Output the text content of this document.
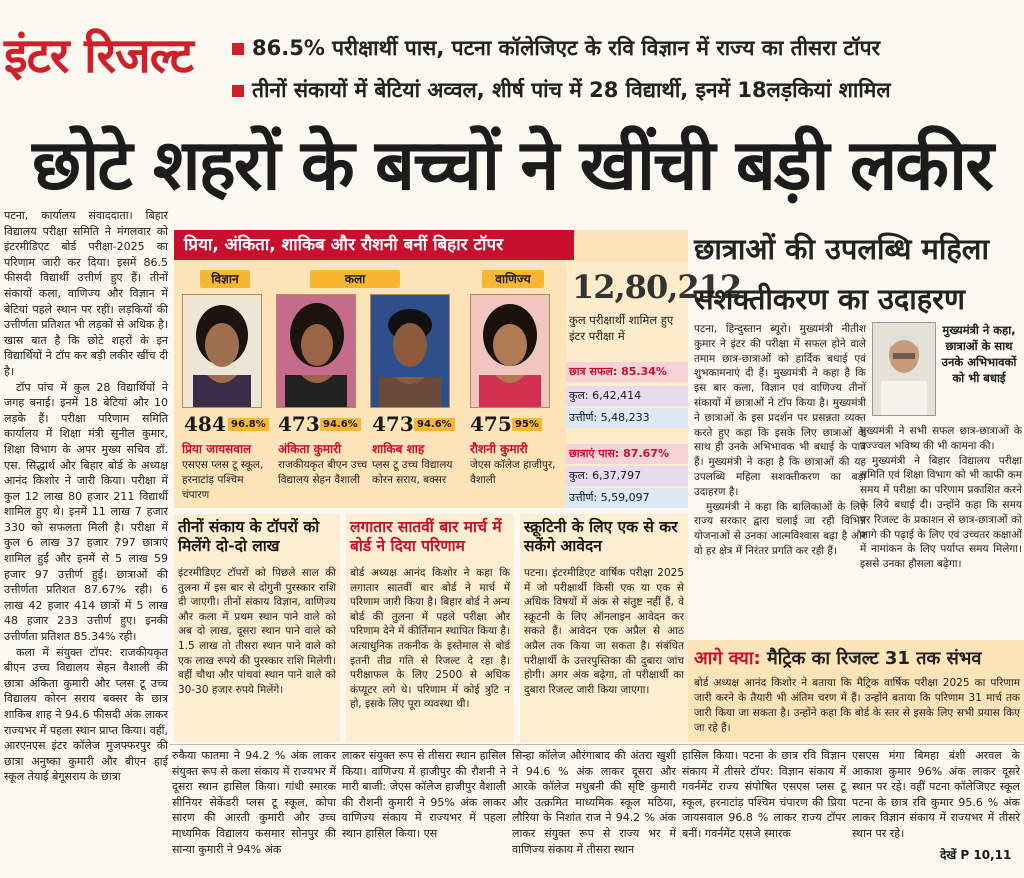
इंटर रिजल्ट	86.5% परीक्षार्थी पास, पटना कॉलेजिएट के रवि विज्ञान में राज्य का तीसरा टॉपर
तीनों संकायों में बेटियां अव्वल, शीर्ष पांच में 28 विद्यार्थी, इनमें 18लड़कियां शामिल
छोटे शहरों के बच्चों ने खींची बड़ी लकीर

पटना, कार्यालय संवाददाता। बिहार विद्यालय परीक्षा समिति ने मंगलवार को इंटरमीडिएट बोर्ड परीक्षा-2025 का परिणाम जारी कर दिया। इसमें 86.5 फीसदी विद्यार्थी उत्तीर्ण हुए हैं। तीनों संकायों कला, वाणिज्य और विज्ञान में बेटियां पहले स्थान पर रहीं। लड़कियों की उत्तीर्णता प्रतिशत भी लड़कों से अधिक है। खास बात है कि छोटे शहरों के इन विद्यार्थियों ने टॉप कर बड़ी लकीर खींच दी है।

टॉप पांच में कुल 28 विद्यार्थियों ने जगह बनाई। इनमें 18 बेटियां और 10 लड़के हैं। परीक्षा परिणाम समिति कार्यालय में शिक्षा मंत्री सुनील कुमार, शिक्षा विभाग के अपर मुख्य सचिव डॉ. एस. सिद्धार्थ और बिहार बोर्ड के अध्यक्ष आनंद किशोर ने जारी किया। परीक्षा में कुल 12 लाख 80 हजार 211 विद्यार्थी शामिल हुए थे। इनमें 11 लाख 7 हजार 330 को सफलता मिली है। परीक्षा में कुल 6 लाख 37 हजार 797 छात्राएं शामिल हुईं और इनमें से 5 लाख 59 हजार 97 उत्तीर्ण हुईं। छात्राओं की उत्तीर्णता प्रतिशत 87.67% रही। 6 लाख 42 हजार 414 छात्रों में 5 लाख 48 हजार 233 उत्तीर्ण हुए। इनकी उत्तीर्णता प्रतिशत 85.34% रही।

कला में संयुक्त टॉपर: राजकीयकृत बीएन उच्च विद्यालय सेहन वैशाली की छात्रा अंकिता कुमारी और प्लस टू उच्च विद्यालय कोरन सराय बक्सर के छात्र शाकिब शाह ने 94.6 फीसदी अंक लाकर राज्यभर में पहला स्थान प्राप्त किया। वहीं, आरएनएस इंटर कॉलेज मुजफ्फरपुर की छात्रा अनुष्का कुमारी और बीएन हाई स्कूल तेयाई बेगूसराय के छात्रा

प्रिया, अंकिता, शाकिब और रौशनी बनीं बिहार टॉपर
विज्ञान	कला	वाणिज्य
484 96.8% 473 94.6% 473 94.6% 475 95%
प्रिया जायसवाल अंकिता कुमारी	शाकिब शाह	रौशनी कुमारी
एसएस प्लस टू स्कूल, हरनाटांड़ पश्चिम चंपारण
राजकीयकृत बीएन उच्च विद्यालय सेहन वैशाली
प्लस टू उच्च विद्यालय कोरन सराय, बक्सर
जेएस कॉलेज हाजीपुर, वैशाली
12,80,212
कुल परीक्षार्थी शामिल हुए इंटर परीक्षा में
छात्र सफल: 85.34%
कुल: 6,42,414
उत्तीर्ण: 5,48,233
छात्राएं पास: 87.67%
कुल: 6,37,797
उत्तीर्ण: 5,59,097
तीनों संकाय के टॉपरों को मिलेंगे दो-दो लाख
इंटरमीडिएट टॉपरों को पिछले साल की तुलना में इस बार से दोगुनी पुरस्कार राशि दी जाएगी। तीनों संकाय विज्ञान, वाणिज्य और कला में प्रथम स्थान पाने वाले को अब दो लाख, दूसरा स्थान पाने वाले को 1.5 लाख तो तीसरा स्थान पाने वाले को एक लाख रुपये की पुरस्कार राशि मिलेगी। वहीं चौथा और पांचवां स्थान पाने वाले को 30-30 हजार रुपये मिलेंगे।
लगातार सातवीं बार मार्च में बोर्ड ने दिया परिणाम
बोर्ड अध्यक्ष आनंद किशोर ने कहा कि लगातार सातवीं बार बोर्ड ने मार्च में परिणाम जारी किया है। बिहार बोर्ड ने अन्य बोर्ड की तुलना में पहले परीक्षा और परिणाम देने में कीर्तिमान स्थापित किया है। अत्याधुनिक तकनीक के इस्तेमाल से बोर्ड इतनी तीव्र गति से रिजल्ट दे रहा है। परीक्षाफल के लिए 2500 से अधिक कंप्यूटर लगे थे। परिणाम में कोई त्रुटि न हो, इसके लिए पूरा व्यवस्था थी।
स्क्रूटिनी के लिए एक से कर सकेंगे आवेदन
पटना। इंटरमीडिएट वार्षिक परीक्षा 2025 में जो परीक्षार्थी किसी एक या एक से अधिक विषयों में अंक से संतुष्ट नहीं हैं, वे स्क्रूटनी के लिए ऑनलाइन आवेदन कर सकते हैं। आवेदन एक अप्रैल से आठ अप्रैल तक किया जा सकता है। संबंधित परीक्षार्थी के उत्तरपुस्तिका की दुबारा जांच होगी। अगर अंक बढ़ेगा, तो परीक्षार्थी का दुबारा रिजल्ट जारी किया जाएगा।
छात्राओं की उपलब्धि महिला सशक्तीकरण का उदाहरण

पटना, हिन्दुस्तान ब्यूरो। मुख्यमंत्री नीतीश कुमार ने इंटर की परीक्षा में सफल होने वाले तमाम छात्र-छात्राओं को हार्दिक बधाई एवं शुभकामनाएं दी हैं। मुख्यमंत्री ने कहा है कि इस बार कला, विज्ञान एवं वाणिज्य तीनों संकायों में छात्राओं ने टॉप किया है। मुख्यमंत्री ने छात्राओं के इस प्रदर्शन पर प्रसन्नता व्यक्त करते हुए कहा कि इसके लिए छात्राओं के साथ ही उनके अभिभावक भी बधाई के पात्र हैं। मुख्यमंत्री ने कहा है कि छात्राओं की यह उपलब्धि महिला सशक्तीकरण का बड़ा उदाहरण है।

मुख्यमंत्री ने कहा कि बालिकाओं के लिए राज्य सरकार द्वारा चलाई जा रही विभिन्न योजनाओं से उनका आत्मविश्वास बढ़ा है और वो हर क्षेत्र में निरंतर प्रगति कर रही हैं।

मुख्यमंत्री ने कहा, छात्राओं के साथ उनके अभिभावकों को भी बधाई

मुख्यमंत्री ने सभी सफल छात्र-छात्राओं के उज्ज्वल भविष्य की भी कामना की।

मुख्यमंत्री ने बिहार विद्यालय परीक्षा समिति एवं शिक्षा विभाग को भी काफी कम समय में परीक्षा का परिणाम प्रकाशित करने के लिये बधाई दी। उन्होंने कहा कि समय पर रिजल्ट के प्रकाशन से छात्र-छात्राओं को आगे की पढ़ाई के लिए एवं उच्चतर कक्षाओं में नामांकन के लिए पर्याप्त समय मिलेगा। इससे उनका हौसला बढ़ेगा।

आगे क्या: मैट्रिक का रिजल्ट 31 तक संभव
बोर्ड अध्यक्ष आनंद किशोर ने बताया कि मैट्रिक वार्षिक परीक्षा 2025 का परिणाम जारी करने के तैयारी भी अंतिम चरण में हैं। उन्होंने बताया कि परिणाम 31 मार्च तक जारी किया जा सकता है। उन्होंने कहा कि बोर्ड के स्तर से इसके लिए सभी प्रयास किए जा रहे हैं।
रुकैया फातमा ने 94.2 % अंक लाकर संयुक्त रूप से कला संकाय में राज्यभर में दूसरा स्थान हासिल किया। गांधी स्मारक सीनियर सेकेंडरी प्लस टू स्कूल, कोपा सारण की आरती कुमारी और उच्च माध्यमिक विद्यालय कसमार सोनपुर की सान्या कुमारी ने 94% अंक
लाकर संयुक्त रूप से तीसरा स्थान हासिल किया। वाणिज्य में हाजीपुर की रौशनी ने मारी बाजी: जेएस कॉलेज हाजीपुर वैशाली की रौशनी कुमारी ने 95% अंक लाकर वाणिज्य संकाय में राज्यभर में पहला स्थान हासिल किया। एस
सिन्हा कॉलेज औरंगाबाद की अंतरा खुशी ने 94.6 % अंक लाकर दूसरा और आरके कॉलेज मधुबनी की सृष्टि कुमारी और उत्क्रमित माध्यमिक स्कूल मठिया, लौरिया के निशांत राज ने 94.2 % अंक लाकर संयुक्त रूप से राज्य भर में वाणिज्य संकाय में तीसरा स्थान
हासिल किया। पटना के छात्र रवि विज्ञान संकाय में तीसरे टॉपर: विज्ञान संकाय में गवर्नमेंट राज्य संपोषित एसएस प्लस टू स्कूल, हरनाटांड़ पश्चिम चंपारण की प्रिया जायसवाल 96.8 % लाकर राज्य टॉपर बनीं। गवर्नमेंट एसजे स्मारक
एसएस मंगा बिमहा बंशी अरवल के आकाश कुमार 96% अंक लाकर दूसरे स्थान पर रहे। वहीं पटना कॉलेजिएट स्कूल पटना के छात्र रवि कुमार 95.6 % अंक लाकर विज्ञान संकाय में राज्यभर में तीसरे स्थान पर रहे।
देखें P 10,11
